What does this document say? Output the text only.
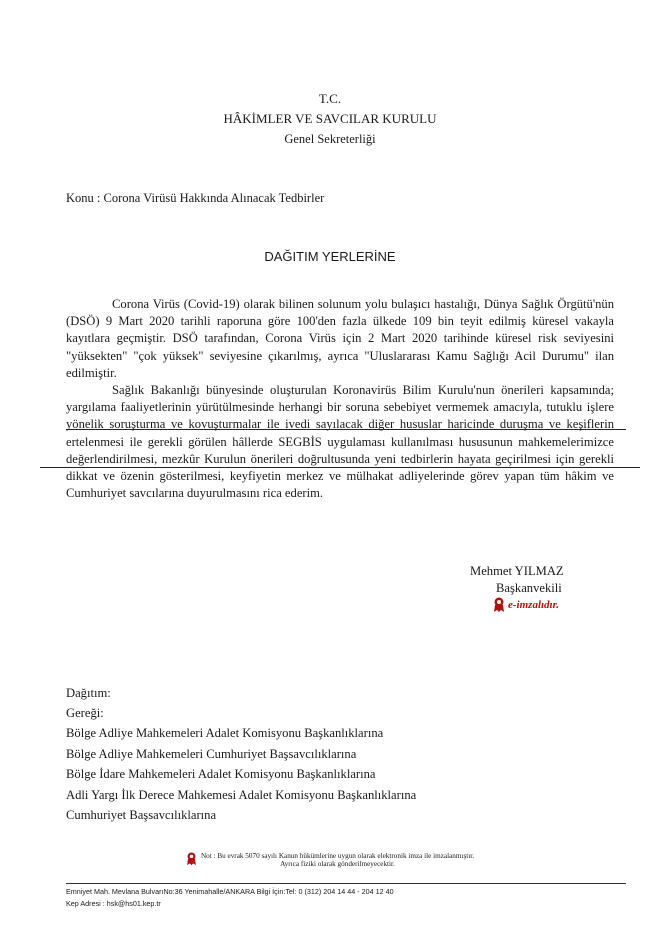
T.C.
HÂKİMLER VE SAVCILAR KURULU
Genel Sekreterliği
Konu : Corona Virüsü Hakkında Alınacak Tedbirler
DAĞITIM YERLERİNE
Corona Virüs (Covid-19) olarak bilinen solunum yolu bulaşıcı hastalığı, Dünya Sağlık Örgütü'nün (DSÖ) 9 Mart 2020 tarihli raporuna göre 100'den fazla ülkede 109 bin teyit edilmiş küresel vakayla kayıtlara geçmiştir. DSÖ tarafından, Corona Virüs için 2 Mart 2020 tarihinde küresel risk seviyesini "yüksekten" "çok yüksek" seviyesine çıkarılmış, ayrıca "Uluslararası Kamu Sağlığı Acil Durumu" ilan edilmiştir.
Sağlık Bakanlığı bünyesinde oluşturulan Koronavirüs Bilim Kurulu'nun önerileri kapsamında; yargılama faaliyetlerinin yürütülmesinde herhangi bir soruna sebebiyet vermemek amacıyla, tutuklu işlere yönelik soruşturma ve kovuşturmalar ile ivedi sayılacak diğer hususlar haricinde duruşma ve keşiflerin ertelenmesi ile gerekli görülen hâllerde SEGBİS uygulaması kullanılması hususunun mahkemelerimizce değerlendirilmesi, mezkûr Kurulun önerileri doğrultusunda yeni tedbirlerin hayata geçirilmesi için gerekli dikkat ve özenin gösterilmesi, keyfiyetin merkez ve mülhakat adliyelerinde görev yapan tüm hâkim ve Cumhuriyet savcılarına duyurulmasını rica ederim.
Mehmet YILMAZ
Başkanvekili
e-imzalıdır.
Dağıtım:
Gereği:
Bölge Adliye Mahkemeleri Adalet Komisyonu Başkanlıklarına
Bölge Adliye Mahkemeleri Cumhuriyet Başsavcılıklarına
Bölge İdare Mahkemeleri Adalet Komisyonu Başkanlıklarına
Adli Yargı İlk Derece Mahkemesi Adalet Komisyonu Başkanlıklarına
Cumhuriyet Başsavcılıklarına
Not : Bu evrak 5070 sayılı Kanun hükümlerine uygun olarak elektronik imza ile imzalanmıştır.
Ayrıca fiziki olarak gönderilmeyecektir.
Emniyet Mah. Mevlana BulvarıNo:36 Yenimahalle/ANKARA Bilgi İçin:Tel: 0 (312) 204 14 44 - 204 12 40
Kep Adresi : hsk@hs01.kep.tr
